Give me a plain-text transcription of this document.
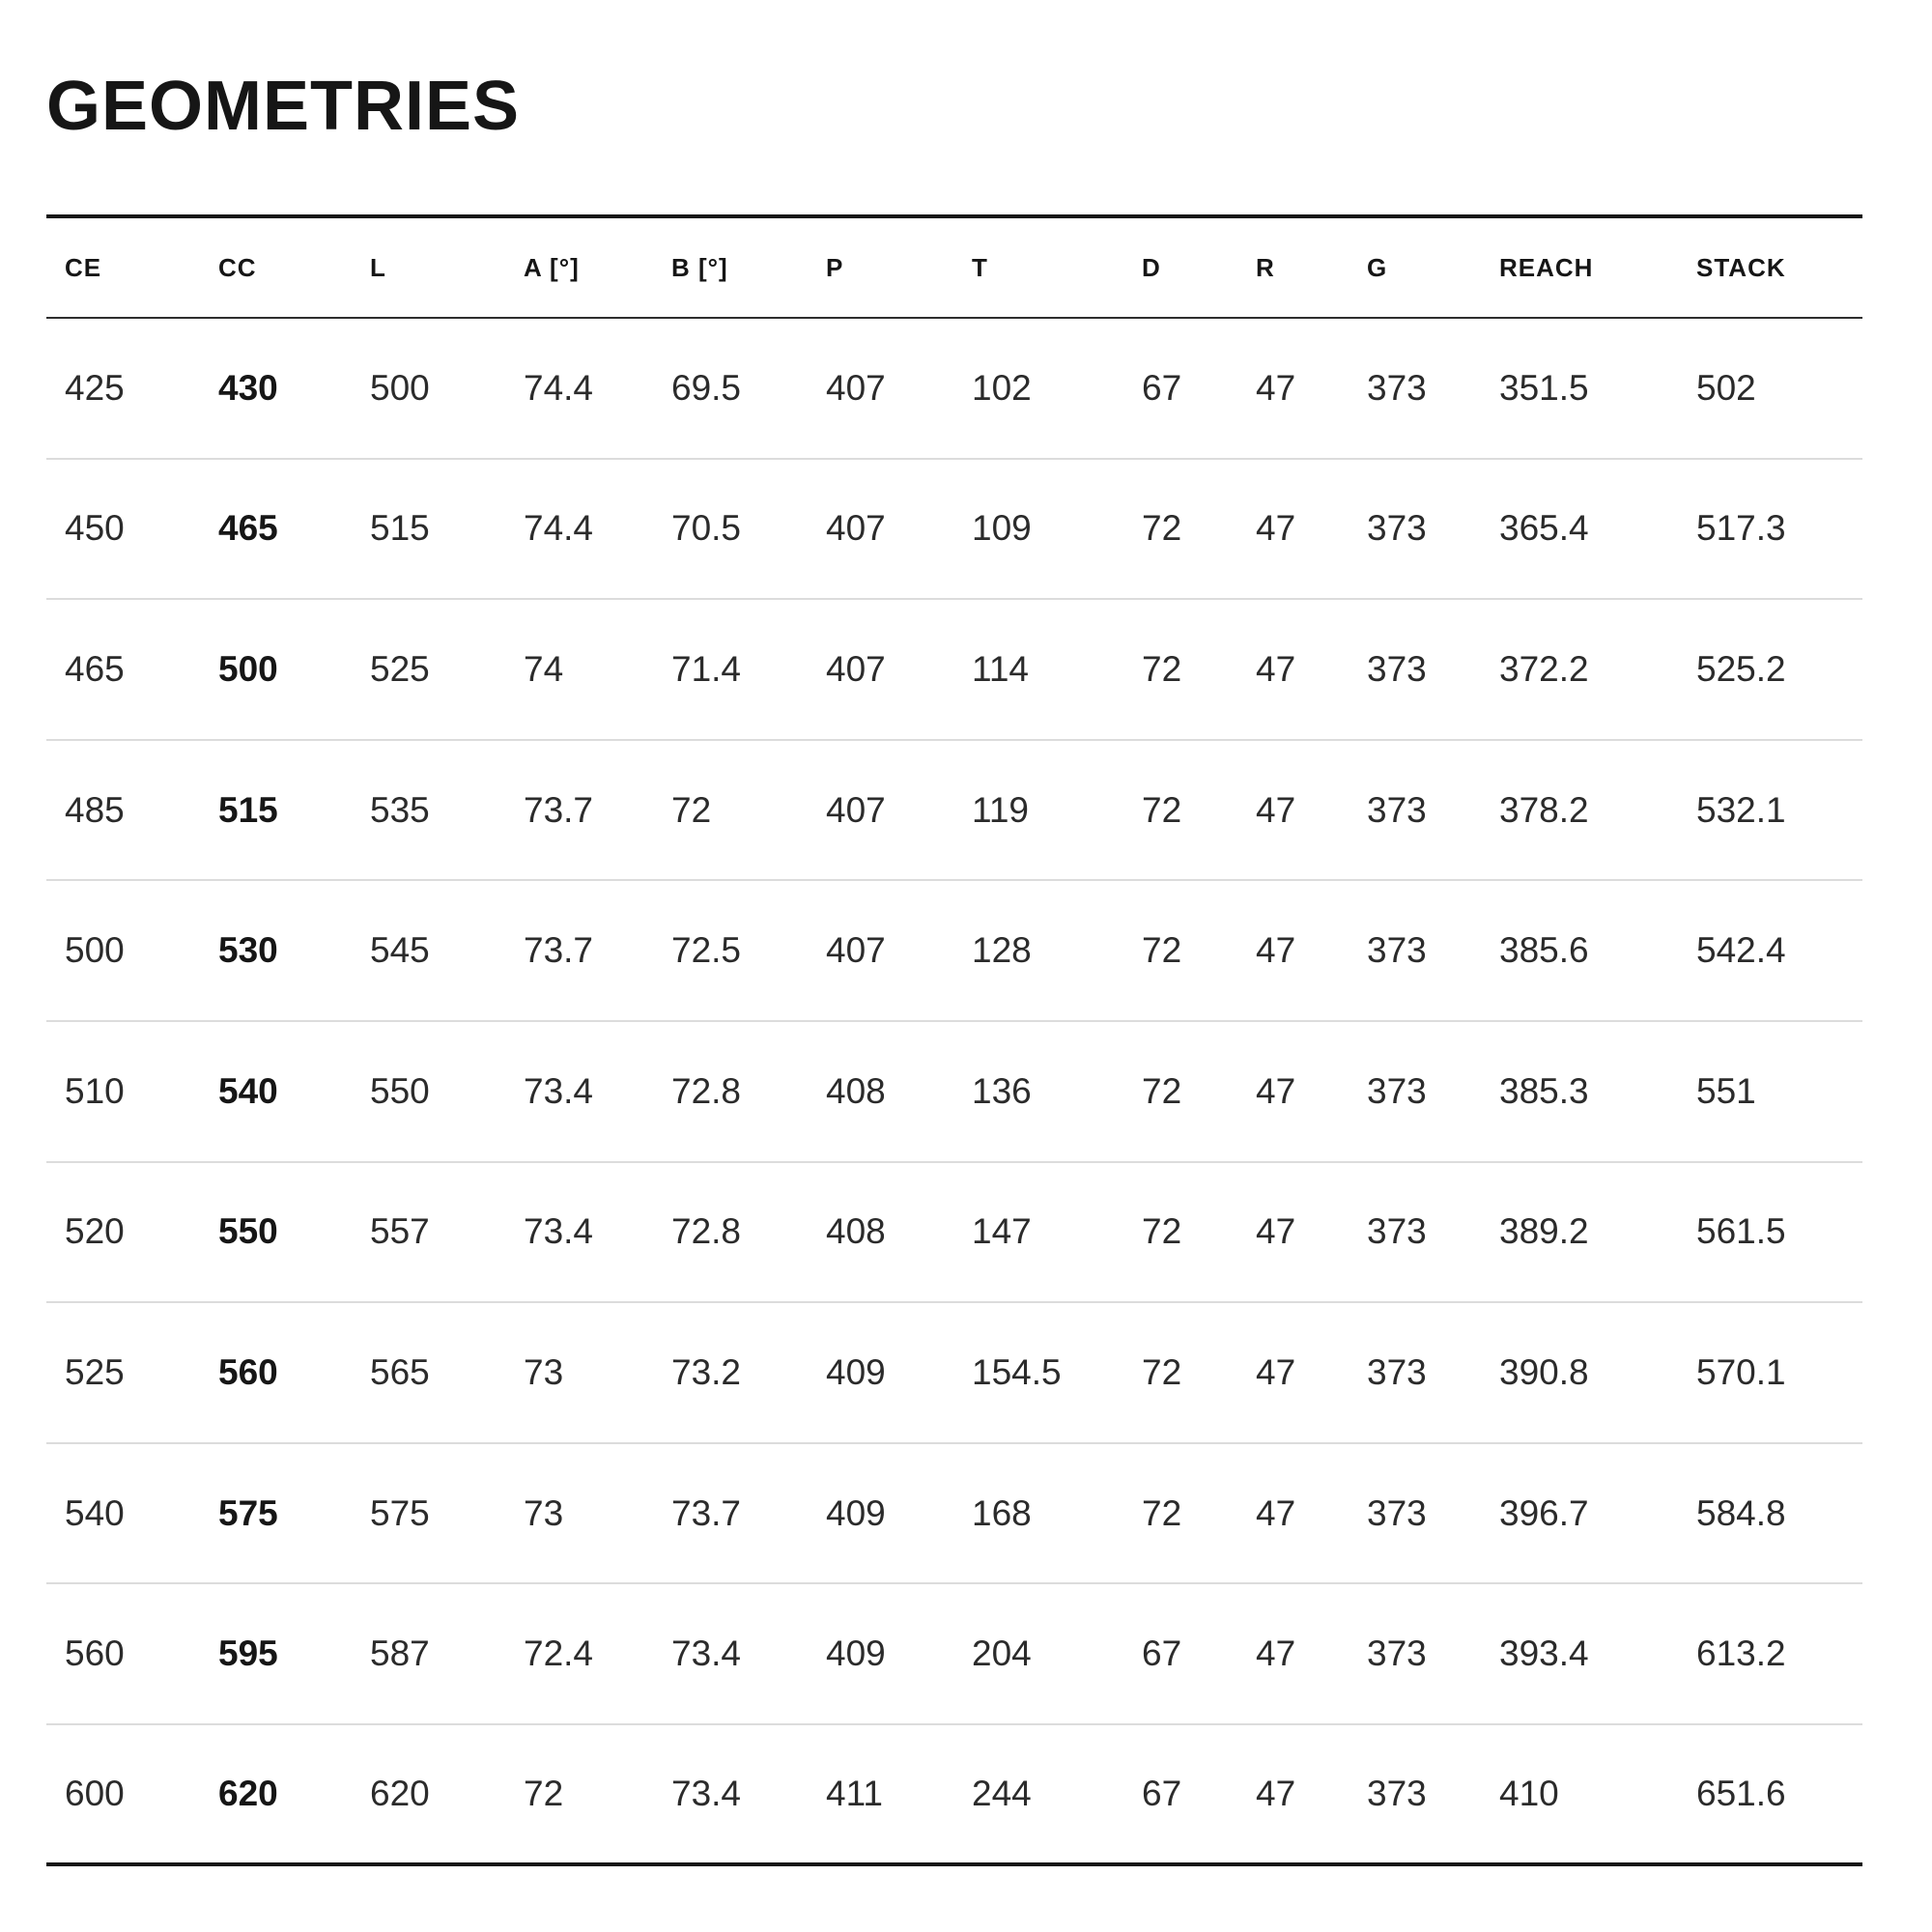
GEOMETRIES
CE	CC	L	A [°]	B [°]	P	T	D	R	G	REACH	STACK
425	430	500	74.4	69.5	407	102	67	47	373	351.5	502
450	465	515	74.4	70.5	407	109	72	47	373	365.4	517.3
465	500	525	74	71.4	407	114	72	47	373	372.2	525.2
485	515	535	73.7	72	407	119	72	47	373	378.2	532.1
500	530	545	73.7	72.5	407	128	72	47	373	385.6	542.4
510	540	550	73.4	72.8	408	136	72	47	373	385.3	551
520	550	557	73.4	72.8	408	147	72	47	373	389.2	561.5
525	560	565	73	73.2	409	154.5	72	47	373	390.8	570.1
540	575	575	73	73.7	409	168	72	47	373	396.7	584.8
560	595	587	72.4	73.4	409	204	67	47	373	393.4	613.2
600	620	620	72	73.4	411	244	67	47	373	410	651.6
